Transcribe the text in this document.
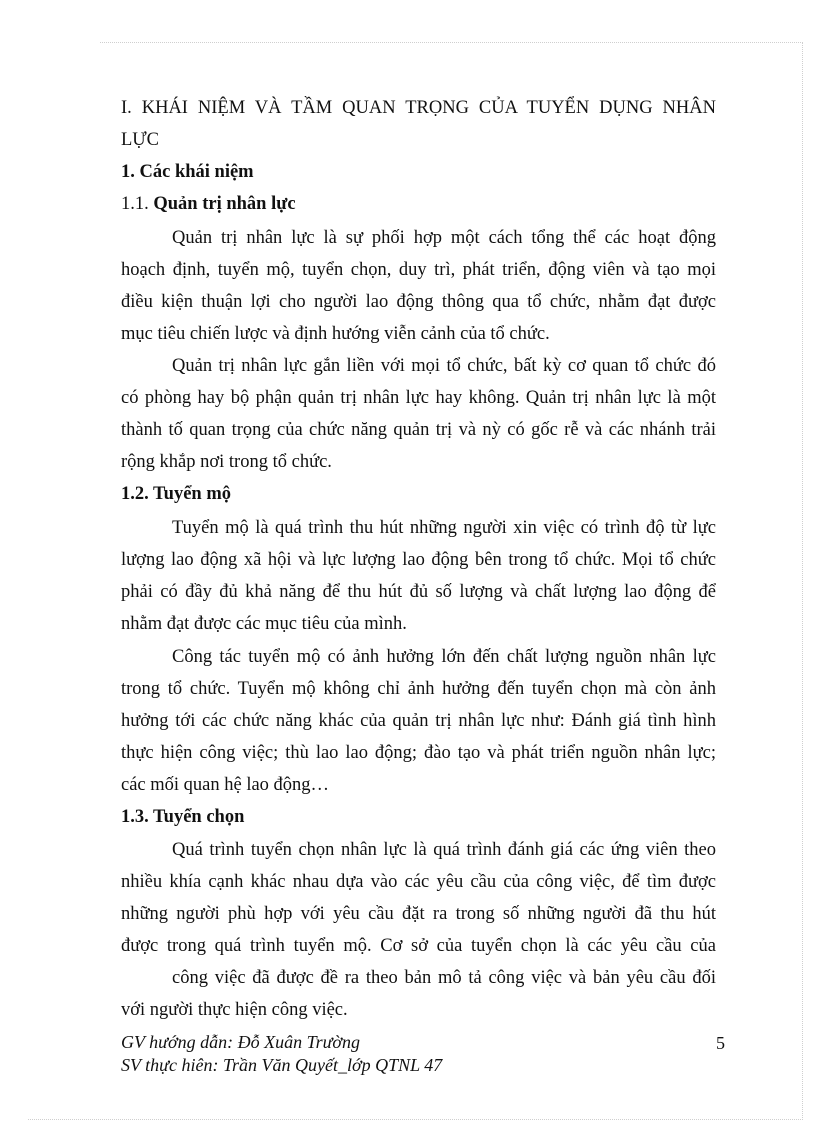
I. KHÁI NIỆM VÀ TẦM QUAN TRỌNG CỦA TUYỂN DỤNG NHÂN
LỰC
1. Các khái niệm
1.1. Quản trị nhân lực
Quản trị nhân lực là sự phối hợp một cách tổng thể các hoạt động
hoạch định, tuyển mộ, tuyển chọn, duy trì, phát triển, động viên và tạo mọi
điều kiện thuận lợi cho người lao động thông qua tổ chức, nhằm đạt được
mục tiêu chiến lược và định hướng viễn cảnh của tổ chức.
Quản trị nhân lực gắn liền với mọi tổ chức, bất kỳ cơ quan tổ chức đó
có phòng hay bộ phận quản trị nhân lực hay không. Quản trị nhân lực là một
thành tố quan trọng của chức năng quản trị và nỳ có gốc rễ và các nhánh trải
rộng khắp nơi trong tổ chức.
1.2. Tuyển mộ
Tuyển mộ là quá trình thu hút những người xin việc có trình độ từ lực
lượng lao động xã hội và lực lượng lao động bên trong tổ chức. Mọi tổ chức
phải có đầy đủ khả năng để thu hút đủ số lượng và chất lượng lao động để
nhằm đạt được các mục tiêu của mình.
Công tác tuyển mộ có ảnh hưởng lớn đến chất lượng nguồn nhân lực
trong tổ chức. Tuyển mộ không chỉ ảnh hưởng đến tuyển chọn mà còn ảnh
hưởng tới các chức năng khác của quản trị nhân lực như: Đánh giá tình hình
thực hiện công việc; thù lao lao động; đào tạo và phát triển nguồn nhân lực;
các mối quan hệ lao động…
1.3. Tuyển chọn
Quá trình tuyển chọn nhân lực là quá trình đánh giá các ứng viên theo
nhiều khía cạnh khác nhau dựa vào các yêu cầu của công việc, để tìm được
những người phù hợp với yêu cầu đặt ra trong số những người đã thu hút
được trong quá trình tuyển mộ. Cơ sở của tuyển chọn là các yêu cầu của
công việc đã được đề ra theo bản mô tả công việc và bản yêu cầu đối
với người thực hiện công việc.
GV hướng dẫn: Đỗ Xuân Trường
SV thực hiên: Trần Văn Quyết_lớp QTNL 47
5
